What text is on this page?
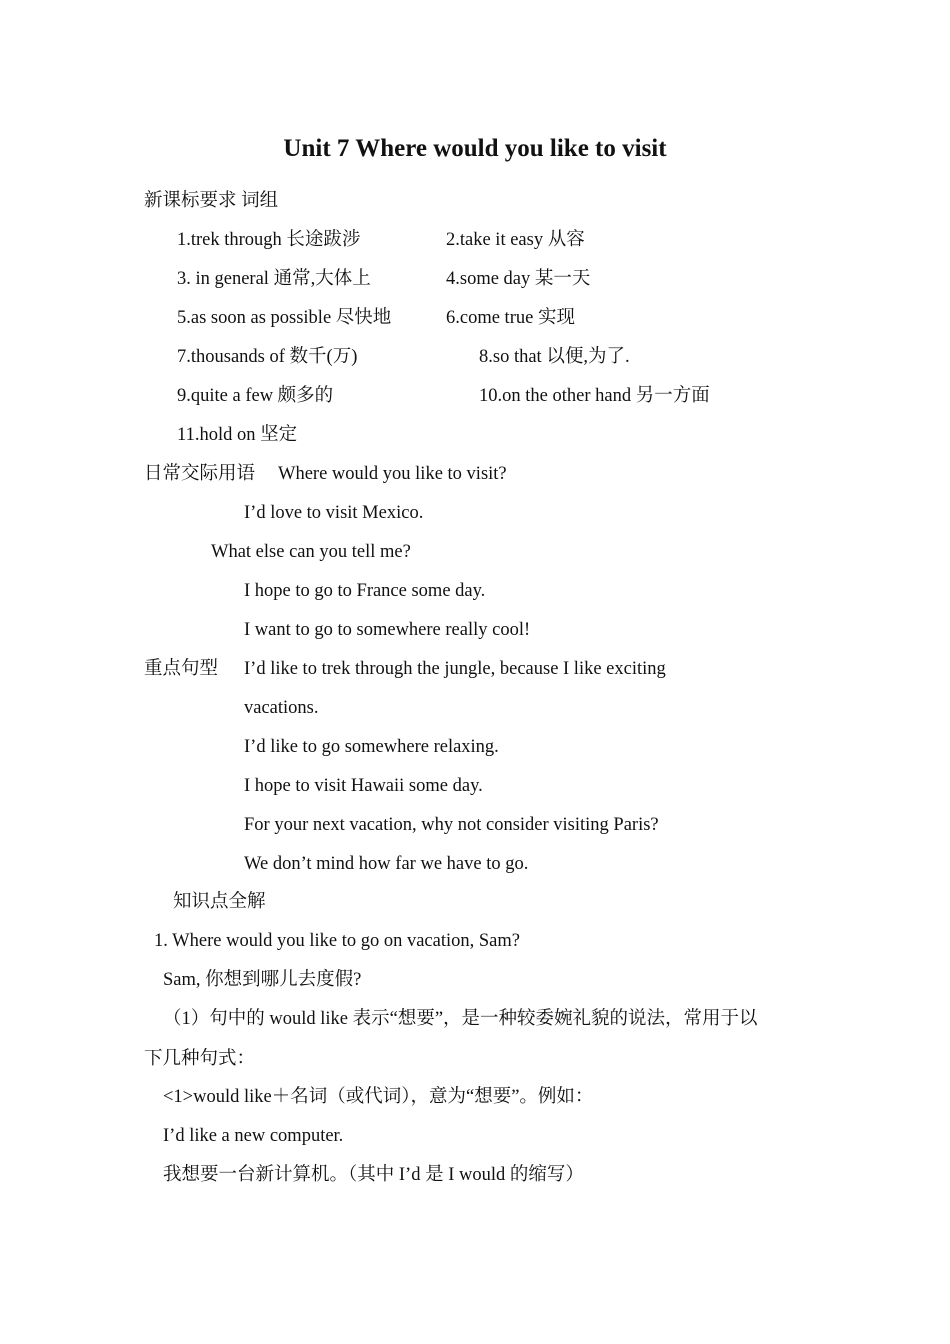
Unit 7 Where would you like to visit
新课标要求 词组
1.trek through 长途跋涉	2.take it easy 从容
3. in general 通常,大体上	4.some day 某一天
5.as soon as possible 尽快地	6.come true 实现
7.thousands of 数千(万)	8.so that 以便,为了.
9.quite a few 颇多的	10.on the other hand 另一方面
11.hold on 坚定
日常交际用语 Where would you like to visit?
I’d love to visit Mexico.
What else can you tell me?
I hope to go to France some day.
I want to go to somewhere really cool!
重点句型 I’d like to trek through the jungle, because I like exciting
vacations.
I’d like to go somewhere relaxing.
I hope to visit Hawaii some day.
For your next vacation, why not consider visiting Paris?
We don’t mind how far we have to go.
知识点全解
1. Where would you like to go on vacation, Sam?
Sam, 你想到哪儿去度假?
（1）句中的 would like 表示“想要”，是一种较委婉礼貌的说法，常用于以
下几种句式：
<1>would like＋名词（或代词），意为“想要”。例如：
I’d like a new computer.
我想要一台新计算机。（其中 I’d 是 I would 的缩写）
